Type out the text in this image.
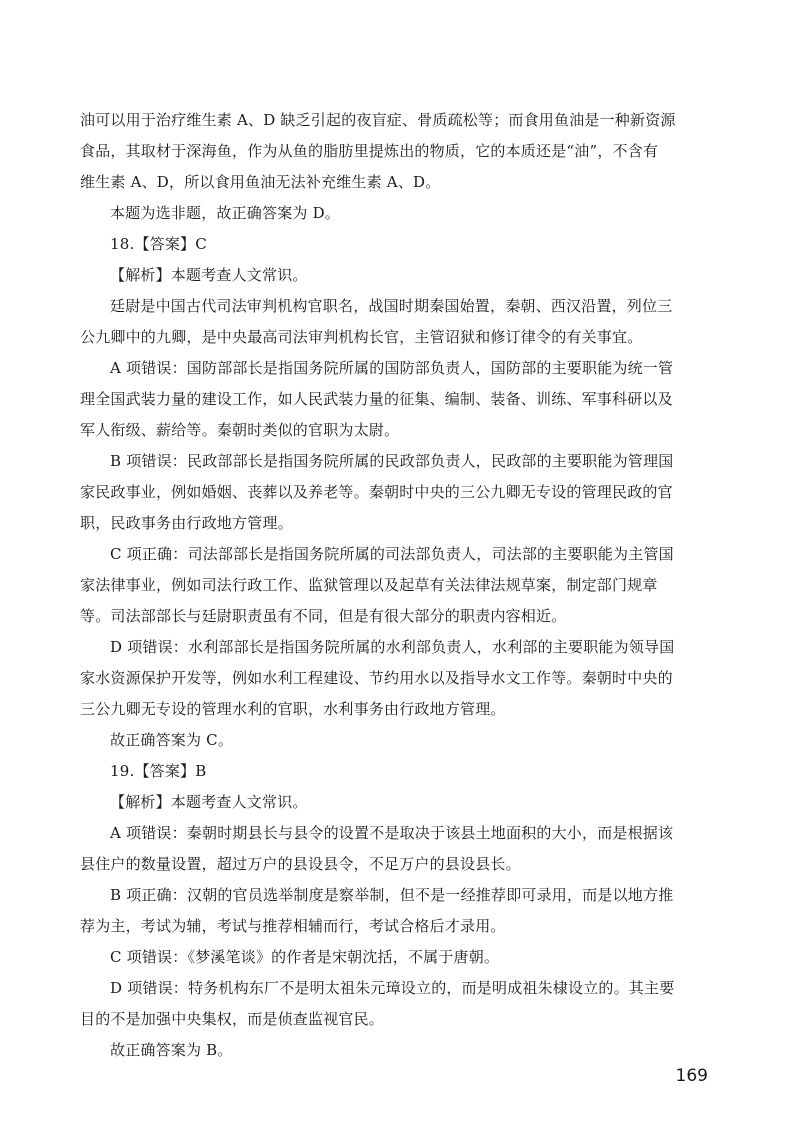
油可以用于治疗维生素 A、D 缺乏引起的夜盲症、骨质疏松等；而食用鱼油是一种新资源
食品，其取材于深海鱼，作为从鱼的脂肪里提炼出的物质，它的本质还是“油”，不含有
维生素 A、D，所以食用鱼油无法补充维生素 A、D。
本题为选非题，故正确答案为 D。
18.【答案】C
【解析】本题考查人文常识。
廷尉是中国古代司法审判机构官职名，战国时期秦国始置，秦朝、西汉沿置，列位三
公九卿中的九卿，是中央最高司法审判机构长官，主管诏狱和修订律令的有关事宜。
A 项错误：国防部部长是指国务院所属的国防部负责人，国防部的主要职能为统一管
理全国武装力量的建设工作，如人民武装力量的征集、编制、装备、训练、军事科研以及
军人衔级、薪给等。秦朝时类似的官职为太尉。
B 项错误：民政部部长是指国务院所属的民政部负责人，民政部的主要职能为管理国
家民政事业，例如婚姻、丧葬以及养老等。秦朝时中央的三公九卿无专设的管理民政的官
职，民政事务由行政地方管理。
C 项正确：司法部部长是指国务院所属的司法部负责人，司法部的主要职能为主管国
家法律事业，例如司法行政工作、监狱管理以及起草有关法律法规草案，制定部门规章
等。司法部部长与廷尉职责虽有不同，但是有很大部分的职责内容相近。
D 项错误：水利部部长是指国务院所属的水利部负责人，水利部的主要职能为领导国
家水资源保护开发等，例如水利工程建设、节约用水以及指导水文工作等。秦朝时中央的
三公九卿无专设的管理水利的官职，水利事务由行政地方管理。
故正确答案为 C。
19.【答案】B
【解析】本题考查人文常识。
A 项错误：秦朝时期县长与县令的设置不是取决于该县土地面积的大小，而是根据该
县住户的数量设置，超过万户的县设县令，不足万户的县设县长。
B 项正确：汉朝的官员选举制度是察举制，但不是一经推荐即可录用，而是以地方推
荐为主，考试为辅，考试与推荐相辅而行，考试合格后才录用。
C 项错误：《梦溪笔谈》的作者是宋朝沈括，不属于唐朝。
D 项错误：特务机构东厂不是明太祖朱元璋设立的，而是明成祖朱棣设立的。其主要
目的不是加强中央集权，而是侦查监视官民。
故正确答案为 B。
169
